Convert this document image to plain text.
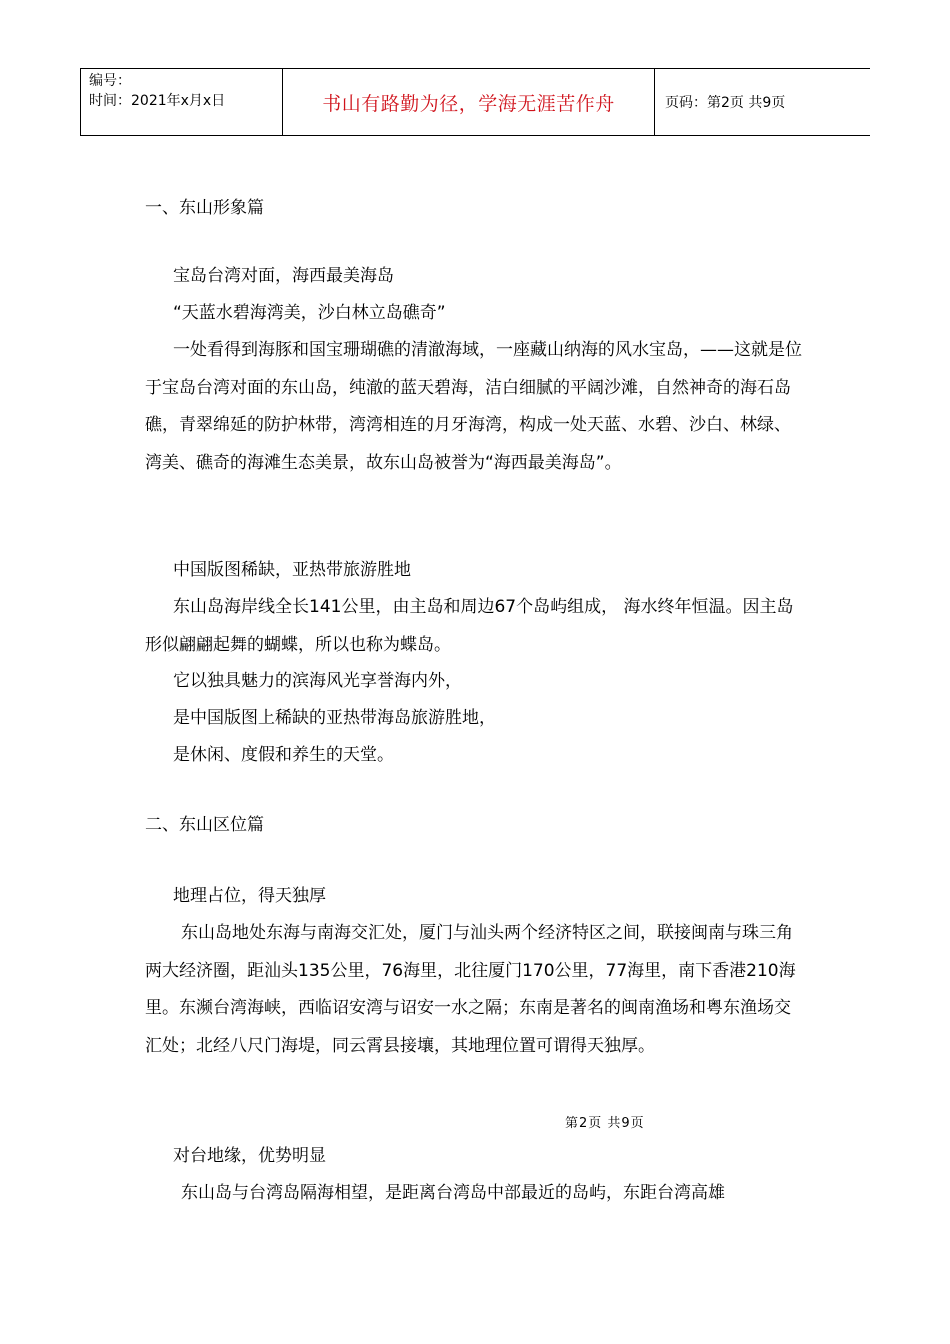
编号：
时间：2021年x月x日	书山有路勤为径，学海无涯苦作舟	页码：第2页 共9页

一、东山形象篇

宝岛台湾对面，海西最美海岛

“天蓝水碧海湾美，沙白林立岛礁奇”

一处看得到海豚和国宝珊瑚礁的清澈海域，一座藏山纳海的风水宝岛，——这就是位于宝岛台湾对面的东山岛，纯澈的蓝天碧海，洁白细腻的平阔沙滩，自然神奇的海石岛礁，青翠绵延的防护林带，湾湾相连的月牙海湾，构成一处天蓝、水碧、沙白、林绿、湾美、礁奇的海滩生态美景，故东山岛被誉为“海西最美海岛”。

中国版图稀缺，亚热带旅游胜地

东山岛海岸线全长141公里，由主岛和周边67个岛屿组成， 海水终年恒温。因主岛形似翩翩起舞的蝴蝶，所以也称为蝶岛。

它以独具魅力的滨海风光享誉海内外，

是中国版图上稀缺的亚热带海岛旅游胜地，

是休闲、度假和养生的天堂。

二、东山区位篇

地理占位，得天独厚

东山岛地处东海与南海交汇处，厦门与汕头两个经济特区之间，联接闽南与珠三角两大经济圈，距汕头135公里，76海里，北往厦门170公里，77海里，南下香港210海里。东濒台湾海峡，西临诏安湾与诏安一水之隔；东南是著名的闽南渔场和粤东渔场交汇处；北经八尺门海堤，同云霄县接壤，其地理位置可谓得天独厚。

对台地缘，优势明显

东山岛与台湾岛隔海相望，是距离台湾岛中部最近的岛屿，东距台湾高雄

第2页 共9页
